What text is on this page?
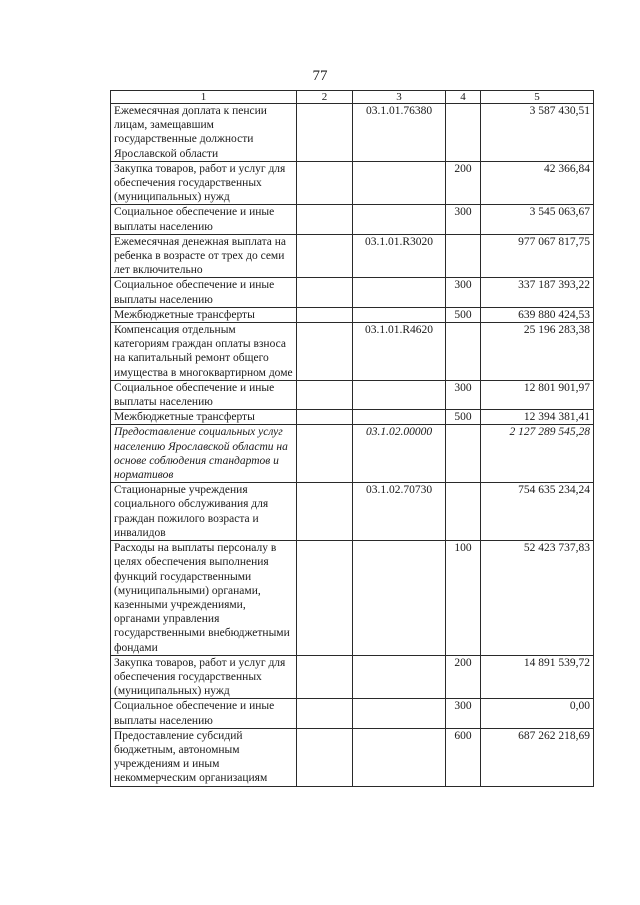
77
1	2	3	4	5
Ежемесячная доплата к пенсии лицам, замещавшим государственные должности Ярославской области		03.1.01.76380		3 587 430,51
Закупка товаров, работ и услуг для обеспечения государственных (муниципальных) нужд			200	42 366,84
Социальное обеспечение и иные выплаты населению			300	3 545 063,67
Ежемесячная денежная выплата на ребенка в возрасте от трех до семи лет включительно		03.1.01.R3020		977 067 817,75
Социальное обеспечение и иные выплаты населению			300	337 187 393,22
Межбюджетные трансферты			500	639 880 424,53
Компенсация отдельным категориям граждан оплаты взноса на капитальный ремонт общего имущества в многоквартирном доме		03.1.01.R4620		25 196 283,38
Социальное обеспечение и иные выплаты населению			300	12 801 901,97
Межбюджетные трансферты			500	12 394 381,41
Предоставление социальных услуг населению Ярославской области на основе соблюдения стандартов и нормативов		03.1.02.00000		2 127 289 545,28
Стационарные учреждения социального обслуживания для граждан пожилого возраста и инвалидов		03.1.02.70730		754 635 234,24
Расходы на выплаты персоналу в целях обеспечения выполнения функций государственными (муниципальными) органами, казенными учреждениями, органами управления государственными внебюджетными фондами			100	52 423 737,83
Закупка товаров, работ и услуг для обеспечения государственных (муниципальных) нужд			200	14 891 539,72
Социальное обеспечение и иные выплаты населению			300	0,00
Предоставление субсидий бюджетным, автономным учреждениям и иным некоммерческим организациям			600	687 262 218,69
